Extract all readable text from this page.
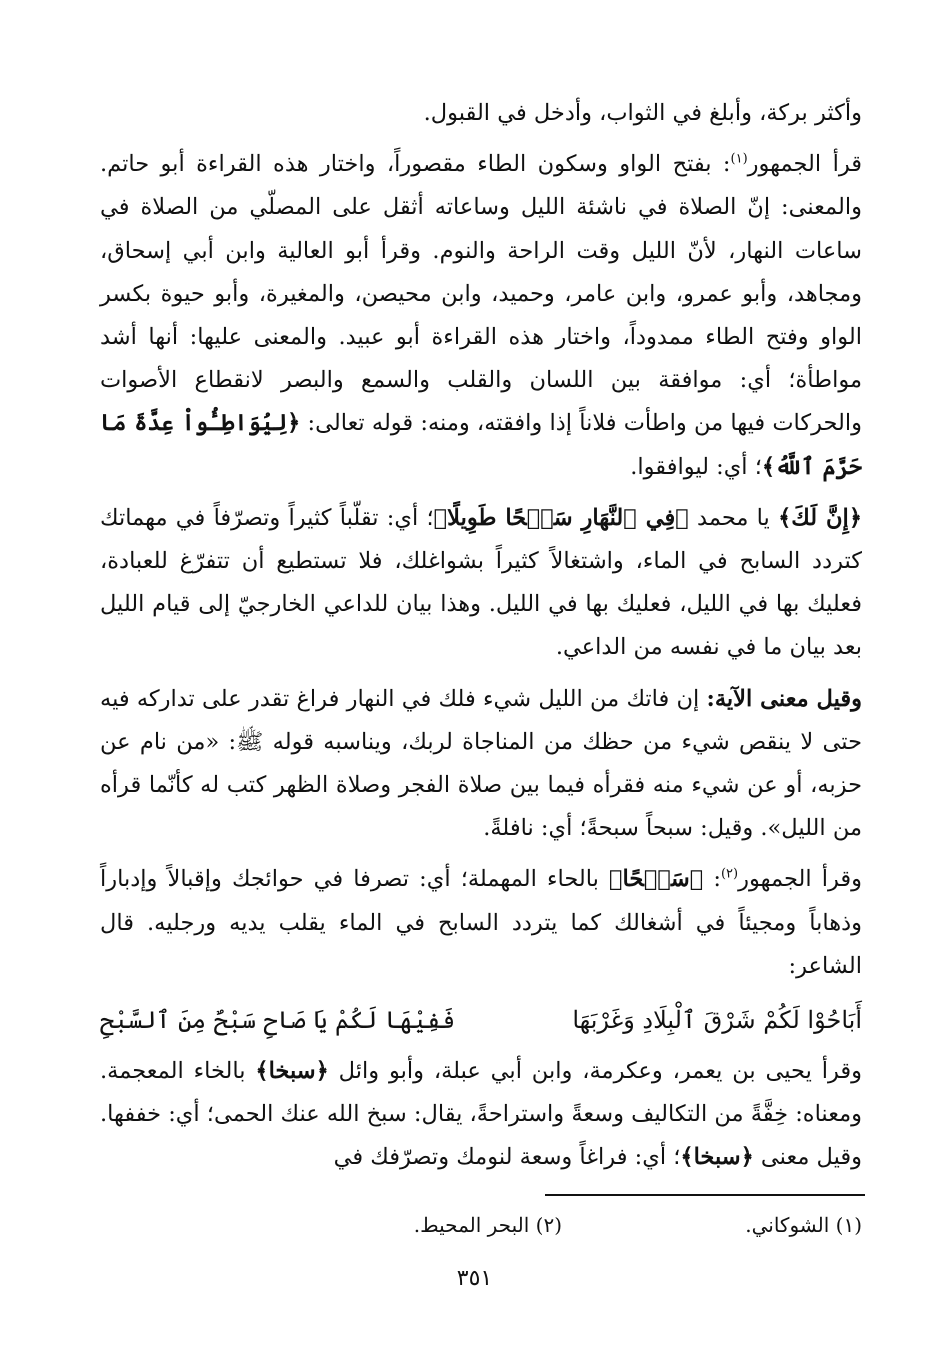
وأكثر بركة، وأبلغ في الثواب، وأدخل في القبول.

قرأ الجمهور$^{(١)}$: بفتح الواو وسكون الطاء مقصوراً، واختار هذه القراءة أبو حاتم. والمعنى: إنّ الصلاة في ناشئة الليل وساعاته أثقل على المصلّي من الصلاة في ساعات النهار، لأنّ الليل وقت الراحة والنوم. وقرأ أبو العالية وابن أبي إسحاق، ومجاهد، وأبو عمرو، وابن عامر، وحميد، وابن محيصن، والمغيرة، وأبو حيوة بكسر الواو وفتح الطاء ممدوداً، واختار هذه القراءة أبو عبيد. والمعنى عليها: أنها أشد مواطأة؛ أي: موافقة بين اللسان والقلب والسمع والبصر لانقطاع الأصوات والحركات فيها من واطأت فلاناً إذا وافقته، ومنه: قوله تعالى: ﴿لِيُوَاطِـُٔواْ عِدَّةَ مَا حَرَّمَ ٱللَّهُ﴾؛ أي: ليوافقوا.

﴿إِنَّ لَكَ﴾ يا محمد ﴿فِي ٱلنَّهَارِ سَبۡحًا طَوِيلًا﴾؛ أي: تقلّباً كثيراً وتصرّفاً في مهماتك كتردد السابح في الماء، واشتغالاً كثيراً بشواغلك، فلا تستطيع أن تتفرّغ للعبادة، فعليك بها في الليل، فعليك بها في الليل. وهذا بيان للداعي الخارجيّ إلى قيام الليل بعد بيان ما في نفسه من الداعي.

وقيل معنى الآية: إن فاتك من الليل شيء فلك في النهار فراغ تقدر على تداركه فيه حتى لا ينقص شيء من حظك من المناجاة لربك، ويناسبه قوله ﷺ: «من نام عن حزبه، أو عن شيء منه فقرأه فيما بين صلاة الفجر وصلاة الظهر كتب له كأنّما قرأه من الليل». وقيل: سبحاً سبحةً؛ أي: نافلةً.

وقرأ الجمهور$^{(٢)}$: ﴿سَبۡحًا﴾ بالحاء المهملة؛ أي: تصرفا في حوائجك وإقبالاً وإدباراً وذهاباً ومجيئاً في أشغالك كما يتردد السابح في الماء يقلب يديه ورجليه. قال الشاعر:

أَبَاحُوْا لَكُمْ شَرْقَ ٱلْبِلَادِ وَغَرْبَهَا
فَفِيْهَا لَكُمْ يَا صَاحِ سَبْحٌ مِنَ ٱلسَّبْحِ

وقرأ يحيى بن يعمر، وعكرمة، وابن أبي عبلة، وأبو وائل ﴿سبخا﴾ بالخاء المعجمة. ومعناه: خِفَّةً من التكاليف وسعةً واستراحةً، يقال: سبخ الله عنك الحمى؛ أي: خففها. وقيل معنى ﴿سبخا﴾؛ أي: فراغاً وسعة لنومك وتصرّفك في

(١) الشوكاني.
(٢) البحر المحيط.
٣٥١
